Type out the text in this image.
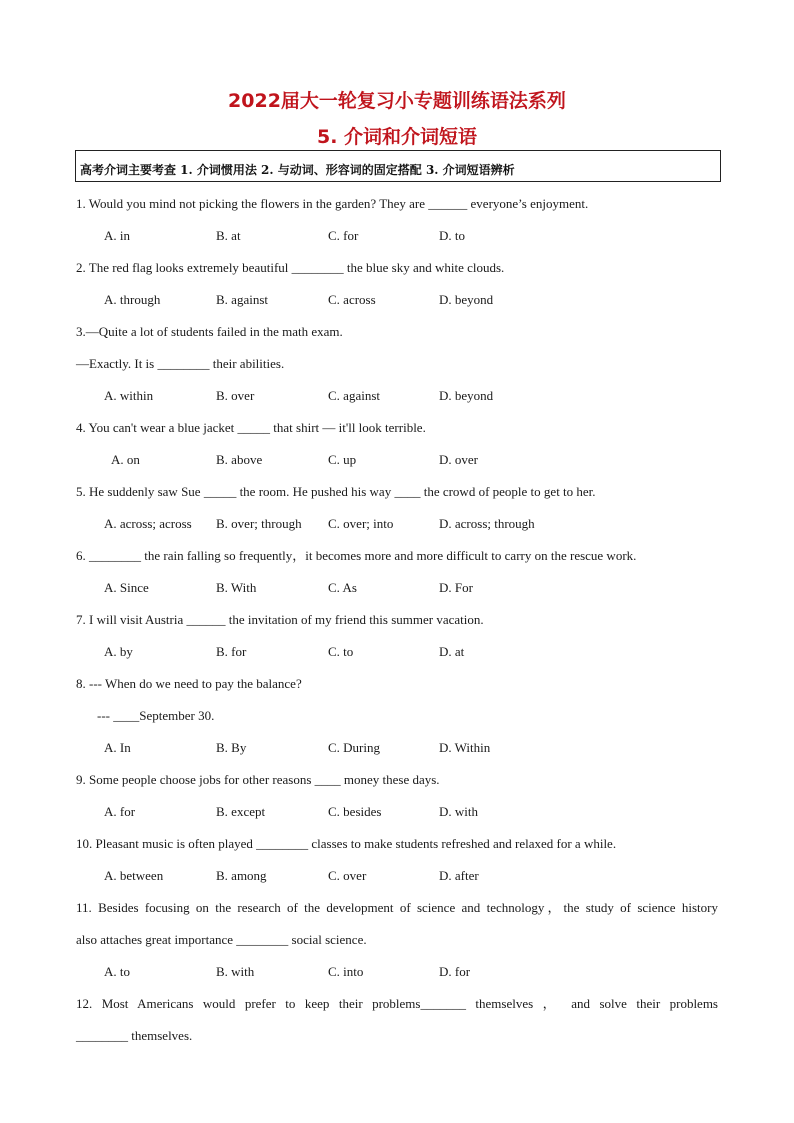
2022届大一轮复习小专题训练语法系列
5. 介词和介词短语
高考介词主要考查 1. 介词惯用法 2. 与动词、形容词的固定搭配 3. 介词短语辨析
1. Would you mind not picking the flowers in the garden? They are ______ everyone’s enjoyment.
A. in	B. at	C. for	D. to
2. The red flag looks extremely beautiful ________ the blue sky and white clouds.
A. through	B. against	C. across	D. beyond
3.—Quite a lot of students failed in the math exam.
—Exactly. It is ________ their abilities.
A. within	B. over	C. against	D. beyond
4. You can't wear a blue jacket _____ that shirt — it'll look terrible.
A. on	B. above	C. up	D. over
5. He suddenly saw Sue _____ the room. He pushed his way ____ the crowd of people to get to her.
A. across; across B. over; through C. over; into	D. across; through
6. ________ the rain falling so frequently，it becomes more and more difficult to carry on the rescue work.
A. Since	B. With	C. As	D. For
7. I will visit Austria ______ the invitation of my friend this summer vacation.
A. by	B. for	C. to	D. at
8. --- When do we need to pay the balance?
--- ____September 30.
A. In	B. By	C. During	D. Within
9. Some people choose jobs for other reasons ____ money these days.
A. for	B. except	C. besides	D. with
10. Pleasant music is often played ________ classes to make students refreshed and relaxed for a while.
A. between	B. among	C. over	D. after
11. Besides focusing on the research of the development of science and technology，the study of science history
also attaches great importance ________ social science.
A. to	B. with	C. into	D. for
12. Most Americans would prefer to keep their problems_______ themselves ， and solve their problems
________ themselves.
